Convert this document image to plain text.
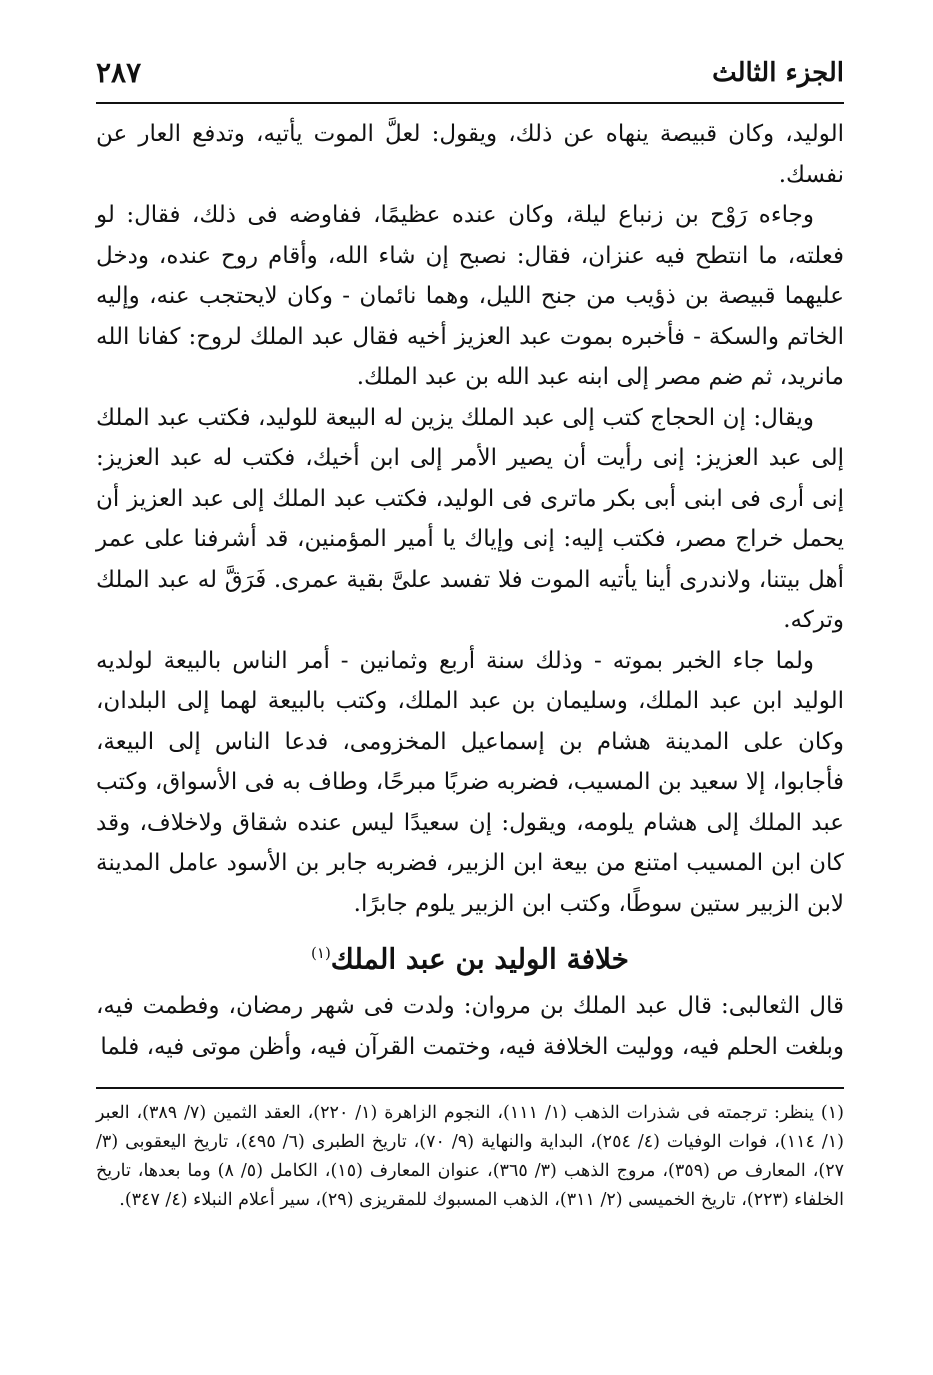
الجزء الثالث
٢٨٧

الوليد، وكان قبيصة ينهاه عن ذلك، ويقول: لعلَّ الموت يأتيه، وتدفع العار عن نفسك.

وجاءه رَوْح بن زنباع ليلة، وكان عنده عظيمًا، ففاوضه فى ذلك، فقال: لو فعلته، ما انتطح فيه عنزان، فقال: نصبح إن شاء الله، وأقام روح عنده، ودخل عليهما قبيصة بن ذؤيب من جنح الليل، وهما نائمان - وكان لايحتجب عنه، وإليه الخاتم والسكة - فأخبره بموت عبد العزيز أخيه فقال عبد الملك لروح: كفانا الله مانريد، ثم ضم مصر إلى ابنه عبد الله بن عبد الملك.

ويقال: إن الحجاج كتب إلى عبد الملك يزين له البيعة للوليد، فكتب عبد الملك إلى عبد العزيز: إنى رأيت أن يصير الأمر إلى ابن أخيك، فكتب له عبد العزيز: إنى أرى فى ابنى أبى بكر ماترى فى الوليد، فكتب عبد الملك إلى عبد العزيز أن يحمل خراج مصر، فكتب إليه: إنى وإياك يا أمير المؤمنين، قد أشرفنا على عمر أهل بيتنا، ولاندرى أينا يأتيه الموت فلا تفسد علىَّ بقية عمرى. فَرَقَّ له عبد الملك وتركه.

ولما جاء الخبر بموته - وذلك سنة أربع وثمانين - أمر الناس بالبيعة لولديه الوليد ابن عبد الملك، وسليمان بن عبد الملك، وكتب بالبيعة لهما إلى البلدان، وكان على المدينة هشام بن إسماعيل المخزومى، فدعا الناس إلى البيعة، فأجابوا، إلا سعيد بن المسيب، فضربه ضربًا مبرحًا، وطاف به فى الأسواق، وكتب عبد الملك إلى هشام يلومه، ويقول: إن سعيدًا ليس عنده شقاق ولاخلاف، وقد كان ابن المسيب امتنع من بيعة ابن الزبير، فضربه جابر بن الأسود عامل المدينة لابن الزبير ستين سوطًا، وكتب ابن الزبير يلوم جابرًا.

خلافة الوليد بن عبد الملك$^{(١)}$

قال الثعالبى: قال عبد الملك بن مروان: ولدت فى شهر رمضان، وفطمت فيه، وبلغت الحلم فيه، ووليت الخلافة فيه، وختمت القرآن فيه، وأظن موتى فيه، فلما

(١) ينظر: ترجمته فى شذرات الذهب (١/ ١١١)، النجوم الزاهرة (١/ ٢٢٠)، العقد الثمين (٧/ ٣٨٩)، العبر (١/ ١١٤)، فوات الوفيات (٤/ ٢٥٤)، البداية والنهاية (٩/ ٧٠)، تاريخ الطبرى (٦/ ٤٩٥)، تاريخ اليعقوبى (٣/ ٢٧)، المعارف ص (٣٥٩)، مروج الذهب (٣/ ٣٦٥)، عنوان المعارف (١٥)، الكامل (٥/ ٨) وما بعدها، تاريخ الخلفاء (٢٢٣)، تاريخ الخميسى (٢/ ٣١١)، الذهب المسبوك للمقريزى (٢٩)، سير أعلام النبلاء (٤/ ٣٤٧).
